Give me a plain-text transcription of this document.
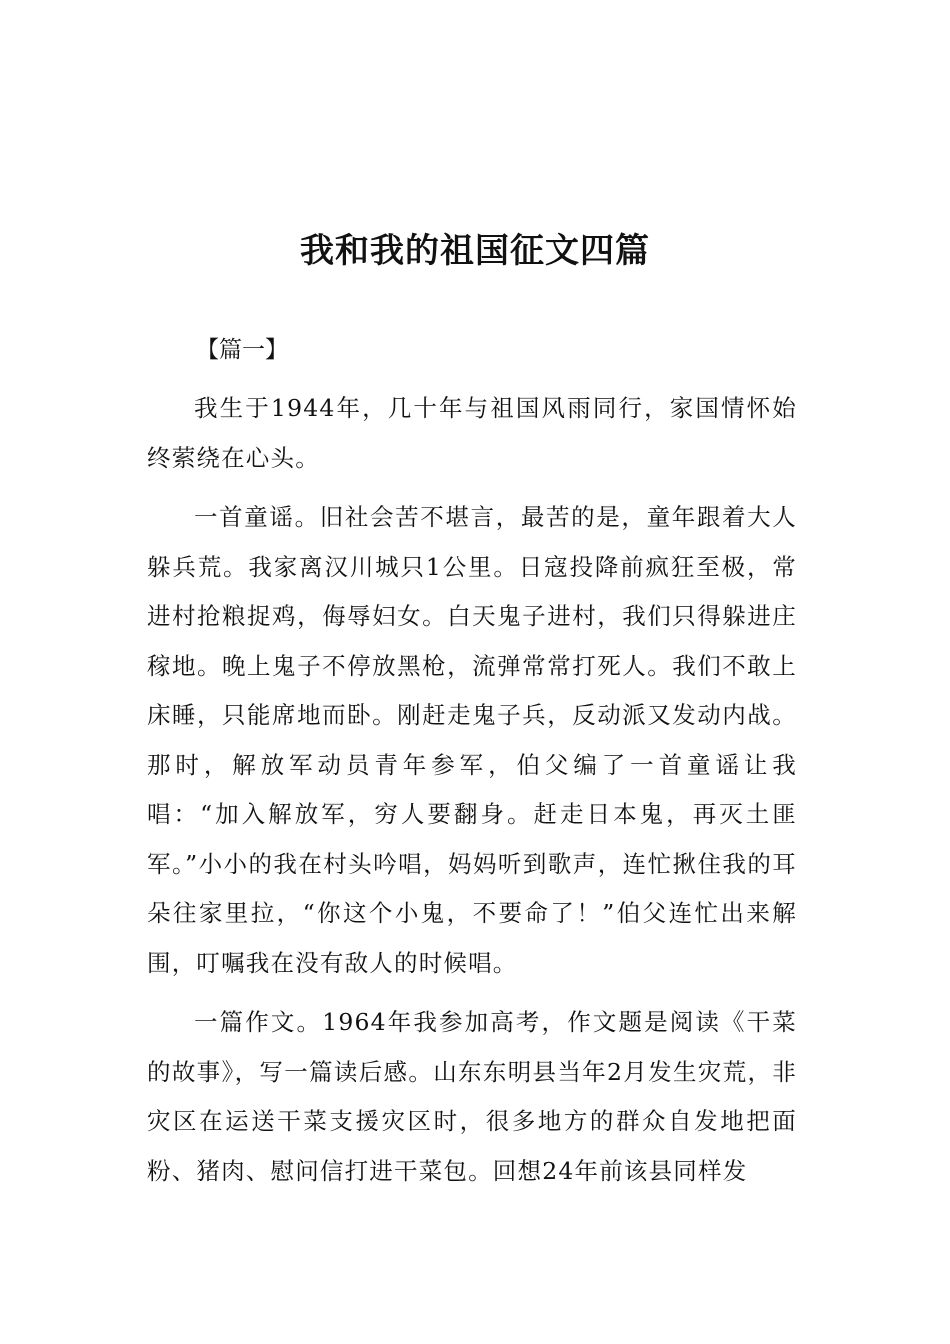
我和我的祖国征文四篇

【篇一】

我生于1944年，几十年与祖国风雨同行，家国情怀始终萦绕在心头。

一首童谣。旧社会苦不堪言，最苦的是，童年跟着大人躲兵荒。我家离汉川城只1公里。日寇投降前疯狂至极，常进村抢粮捉鸡，侮辱妇女。白天鬼子进村，我们只得躲进庄稼地。晚上鬼子不停放黑枪，流弹常常打死人。我们不敢上床睡，只能席地而卧。刚赶走鬼子兵，反动派又发动内战。那时，解放军动员青年参军，伯父编了一首童谣让我唱：“加入解放军，穷人要翻身。赶走日本鬼，再灭土匪军。”小小的我在村头吟唱，妈妈听到歌声，连忙揪住我的耳朵往家里拉，“你这个小鬼，不要命了！”伯父连忙出来解围，叮嘱我在没有敌人的时候唱。

一篇作文。1964年我参加高考，作文题是阅读《干菜的故事》，写一篇读后感。山东东明县当年2月发生灾荒，非灾区在运送干菜支援灾区时，很多地方的群众自发地把面粉、猪肉、慰问信打进干菜包。回想24年前该县同样发
